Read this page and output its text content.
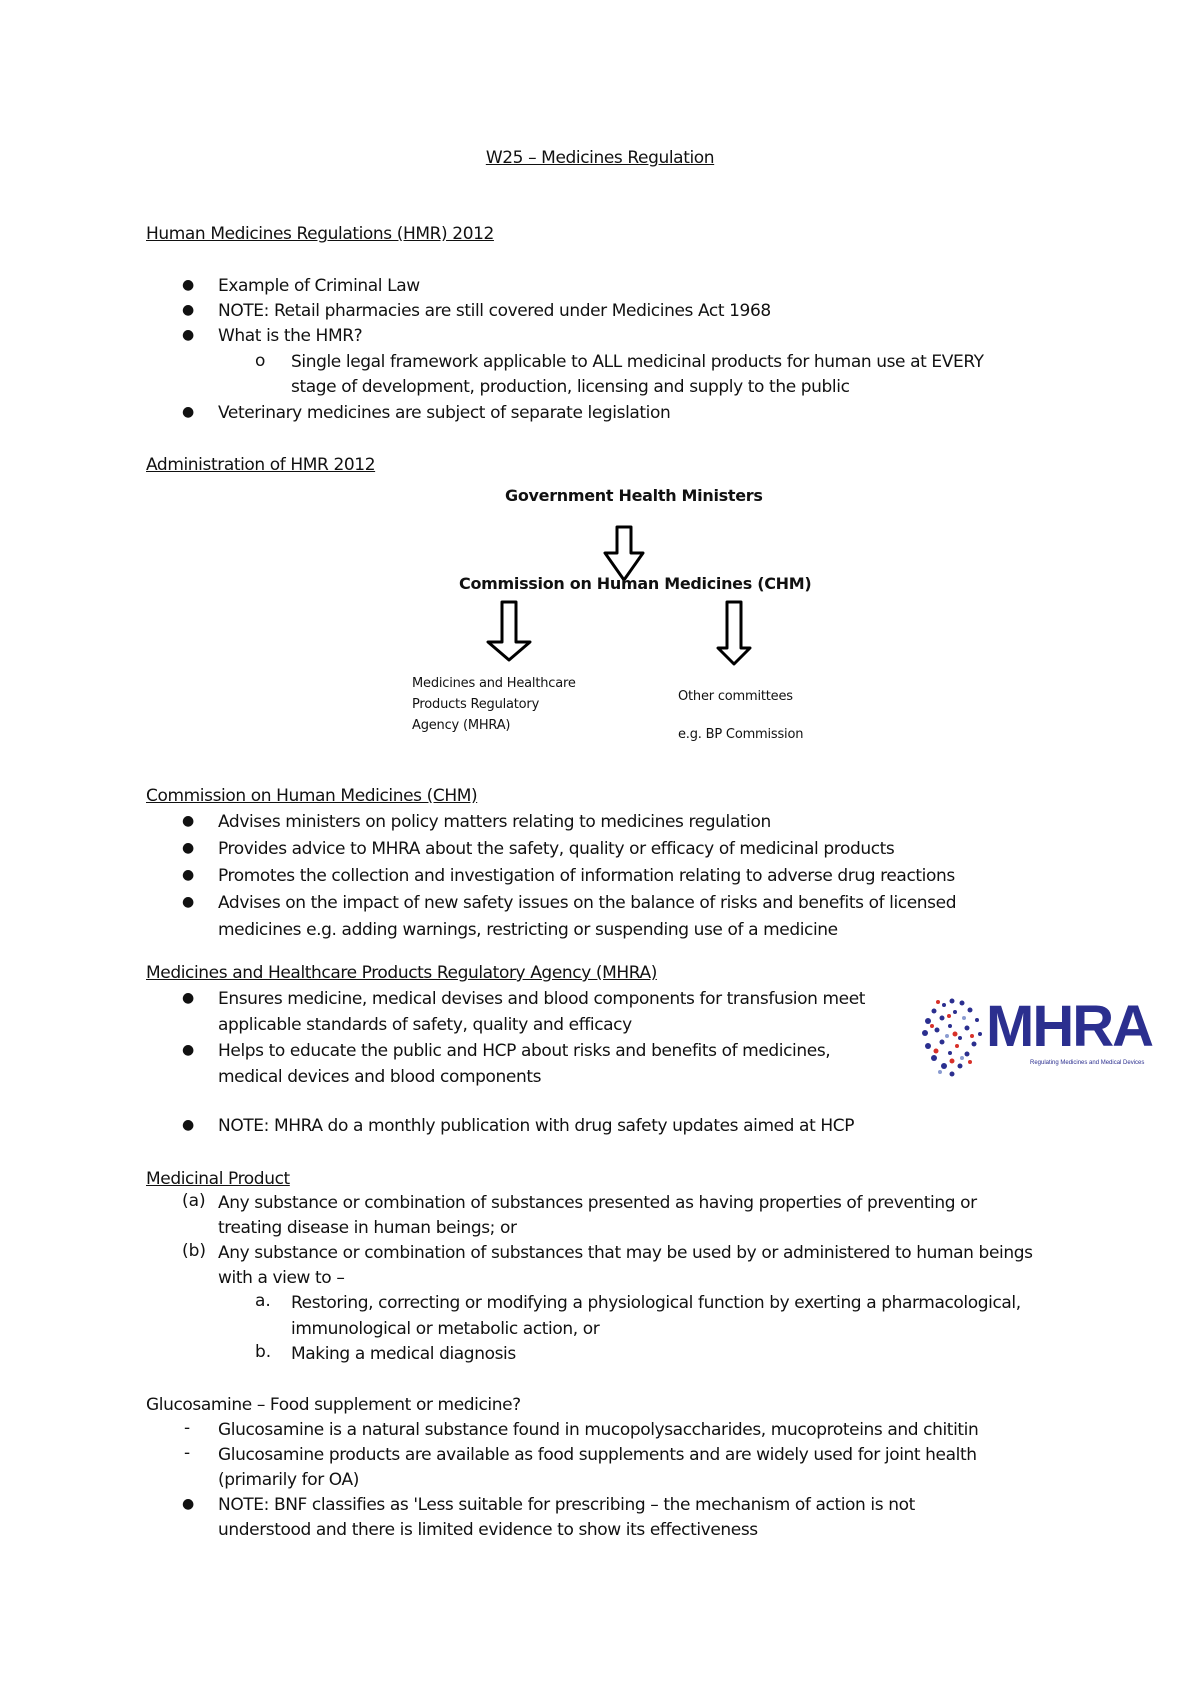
W25 – Medicines Regulation
Human Medicines Regulations (HMR) 2012
● Example of Criminal Law
● NOTE: Retail pharmacies are still covered under Medicines Act 1968
● What is the HMR?
o Single legal framework applicable to ALL medicinal products for human use at EVERY
stage of development, production, licensing and supply to the public
● Veterinary medicines are subject of separate legislation
Administration of HMR 2012
Government Health Ministers
Commission on Human Medicines (CHM)
Medicines and Healthcare
Products Regulatory
Agency (MHRA)
Other committees
e.g. BP Commission
Commission on Human Medicines (CHM)
● Advises ministers on policy matters relating to medicines regulation
● Provides advice to MHRA about the safety, quality or efficacy of medicinal products
● Promotes the collection and investigation of information relating to adverse drug reactions
● Advises on the impact of new safety issues on the balance of risks and benefits of licensed
medicines e.g. adding warnings, restricting or suspending use of a medicine
Medicines and Healthcare Products Regulatory Agency (MHRA)
● Ensures medicine, medical devises and blood components for transfusion meet
applicable standards of safety, quality and efficacy
● Helps to educate the public and HCP about risks and benefits of medicines,
medical devices and blood components
● NOTE: MHRA do a monthly publication with drug safety updates aimed at HCP
MHRA
Regulating Medicines and Medical Devices
Medicinal Product
(a) Any substance or combination of substances presented as having properties of preventing or
treating disease in human beings; or
(b) Any substance or combination of substances that may be used by or administered to human beings
with a view to –
a. Restoring, correcting or modifying a physiological function by exerting a pharmacological,
immunological or metabolic action, or
b. Making a medical diagnosis
Glucosamine – Food supplement or medicine?
- Glucosamine is a natural substance found in mucopolysaccharides, mucoproteins and chititin
- Glucosamine products are available as food supplements and are widely used for joint health
(primarily for OA)
● NOTE: BNF classifies as 'Less suitable for prescribing – the mechanism of action is not
understood and there is limited evidence to show its effectiveness
